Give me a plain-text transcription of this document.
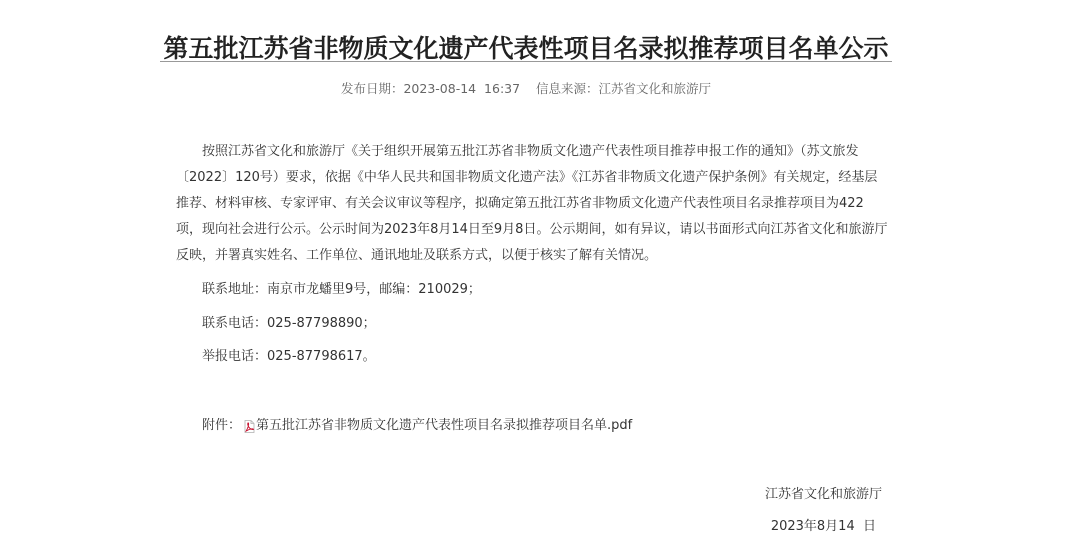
第五批江苏省非物质文化遗产代表性项目名录拟推荐项目名单公示
发布日期：2023-08-14  16:37 信息来源：江苏省文化和旅游厅
按照江苏省文化和旅游厅《关于组织开展第五批江苏省非物质文化遗产代表性项目推荐申报工作的通知》（苏文旅发
〔2022〕120号）要求，依据《中华人民共和国非物质文化遗产法》《江苏省非物质文化遗产保护条例》有关规定，经基层
推荐、材料审核、专家评审、有关会议审议等程序，拟确定第五批江苏省非物质文化遗产代表性项目名录推荐项目为422
项，现向社会进行公示。公示时间为2023年8月14日至9月8日。公示期间，如有异议，请以书面形式向江苏省文化和旅游厅
反映，并署真实姓名、工作单位、通讯地址及联系方式，以便于核实了解有关情况。
联系地址：南京市龙蟠里9号，邮编：210029；
联系电话：025-87798890；
举报电话：025-87798617。
附件： 第五批江苏省非物质文化遗产代表性项目名录拟推荐项目名单.pdf
江苏省文化和旅游厅
2023年8月14  日
